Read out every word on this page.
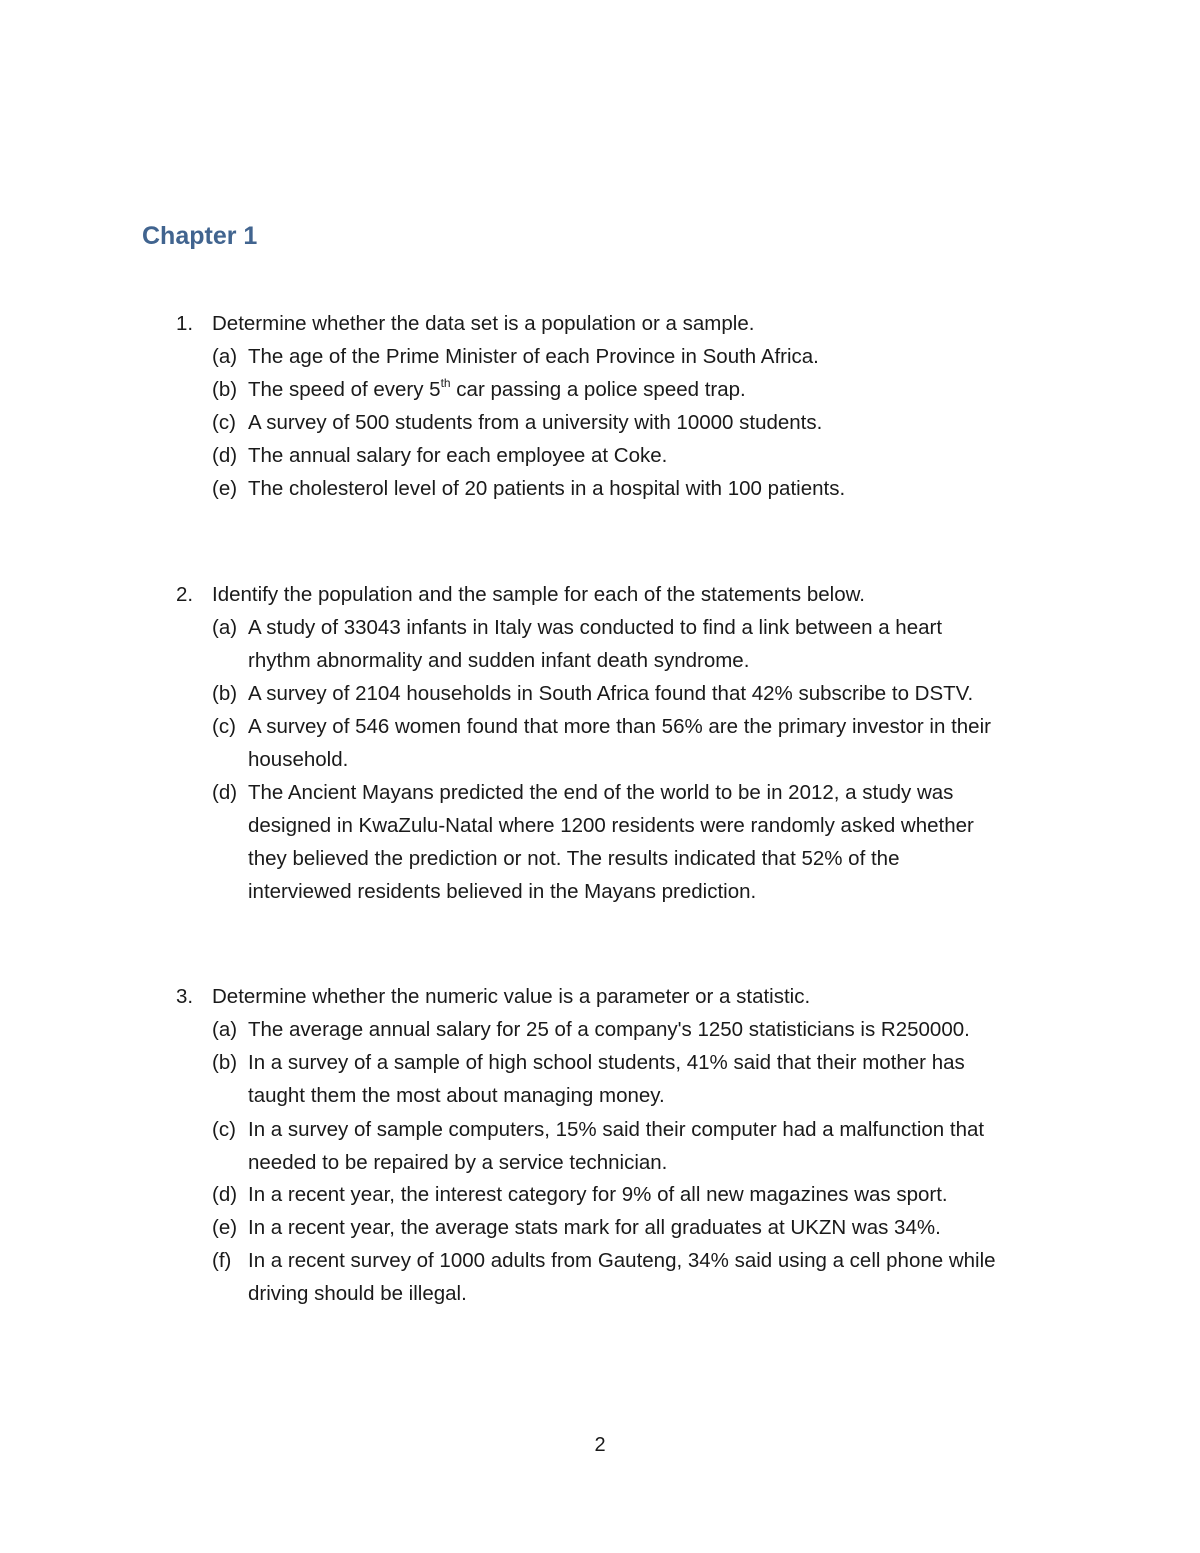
Chapter 1
1. Determine whether the data set is a population or a sample.
(a) The age of the Prime Minister of each Province in South Africa.
(b) The speed of every 5th car passing a police speed trap.
(c) A survey of 500 students from a university with 10000 students.
(d) The annual salary for each employee at Coke.
(e) The cholesterol level of 20 patients in a hospital with 100 patients.
2. Identify the population and the sample for each of the statements below.
(a) A study of 33043 infants in Italy was conducted to find a link between a heart
rhythm abnormality and sudden infant death syndrome.
(b) A survey of 2104 households in South Africa found that 42% subscribe to DSTV.
(c) A survey of 546 women found that more than 56% are the primary investor in their
household.
(d) The Ancient Mayans predicted the end of the world to be in 2012, a study was
designed in KwaZulu-Natal where 1200 residents were randomly asked whether
they believed the prediction or not. The results indicated that 52% of the
interviewed residents believed in the Mayans prediction.
3. Determine whether the numeric value is a parameter or a statistic.
(a) The average annual salary for 25 of a company's 1250 statisticians is R250000.
(b) In a survey of a sample of high school students, 41% said that their mother has
taught them the most about managing money.
(c) In a survey of sample computers, 15% said their computer had a malfunction that
needed to be repaired by a service technician.
(d) In a recent year, the interest category for 9% of all new magazines was sport.
(e) In a recent year, the average stats mark for all graduates at UKZN was 34%.
(f) In a recent survey of 1000 adults from Gauteng, 34% said using a cell phone while
driving should be illegal.
2
